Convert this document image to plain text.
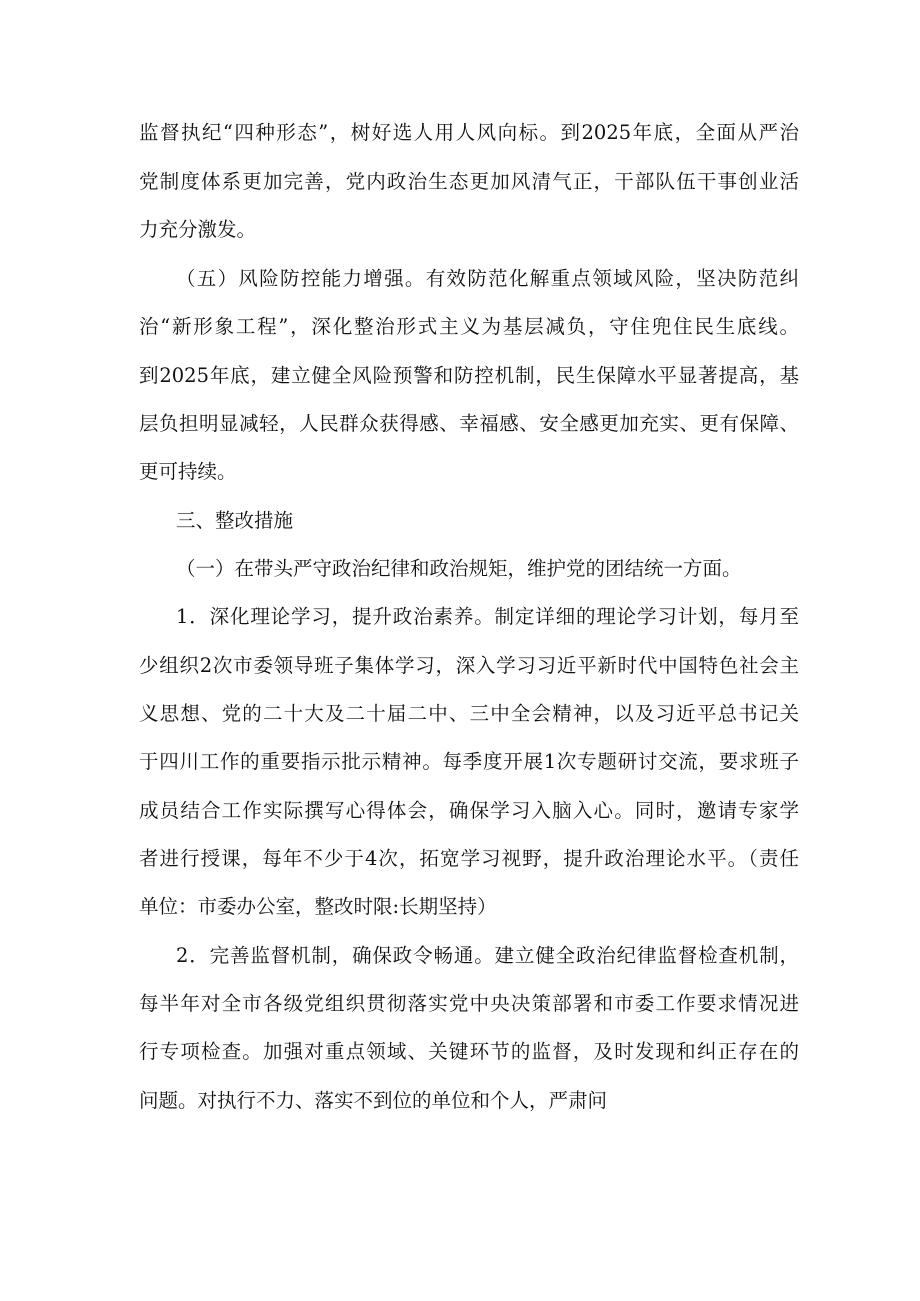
监督执纪“四种形态”，树好选人用人风向标。到2025年底，全面从严治

党制度体系更加完善，党内政治生态更加风清气正，干部队伍干事创业活

力充分激发。

（五）风险防控能力增强。有效防范化解重点领域风险，坚决防范纠

治“新形象工程”，深化整治形式主义为基层减负，守住兜住民生底线。

到2025年底，建立健全风险预警和防控机制，民生保障水平显著提高，基

层负担明显减轻，人民群众获得感、幸福感、安全感更加充实、更有保障、

更可持续。

三、整改措施

（一）在带头严守政治纪律和政治规矩，维护党的团结统一方面。

1．深化理论学习，提升政治素养。制定详细的理论学习计划，每月至

少组织2次市委领导班子集体学习，深入学习习近平新时代中国特色社会主

义思想、党的二十大及二十届二中、三中全会精神，以及习近平总书记关

于四川工作的重要指示批示精神。每季度开展1次专题研讨交流，要求班子

成员结合工作实际撰写心得体会，确保学习入脑入心。同时，邀请专家学

者进行授课，每年不少于4次，拓宽学习视野，提升政治理论水平。（责任

单位：市委办公室，整改时限:长期坚持）

2．完善监督机制，确保政令畅通。建立健全政治纪律监督检查机制，

每半年对全市各级党组织贯彻落实党中央决策部署和市委工作要求情况进

行专项检查。加强对重点领域、关键环节的监督，及时发现和纠正存在的

问题。对执行不力、落实不到位的单位和个人，严肃问
